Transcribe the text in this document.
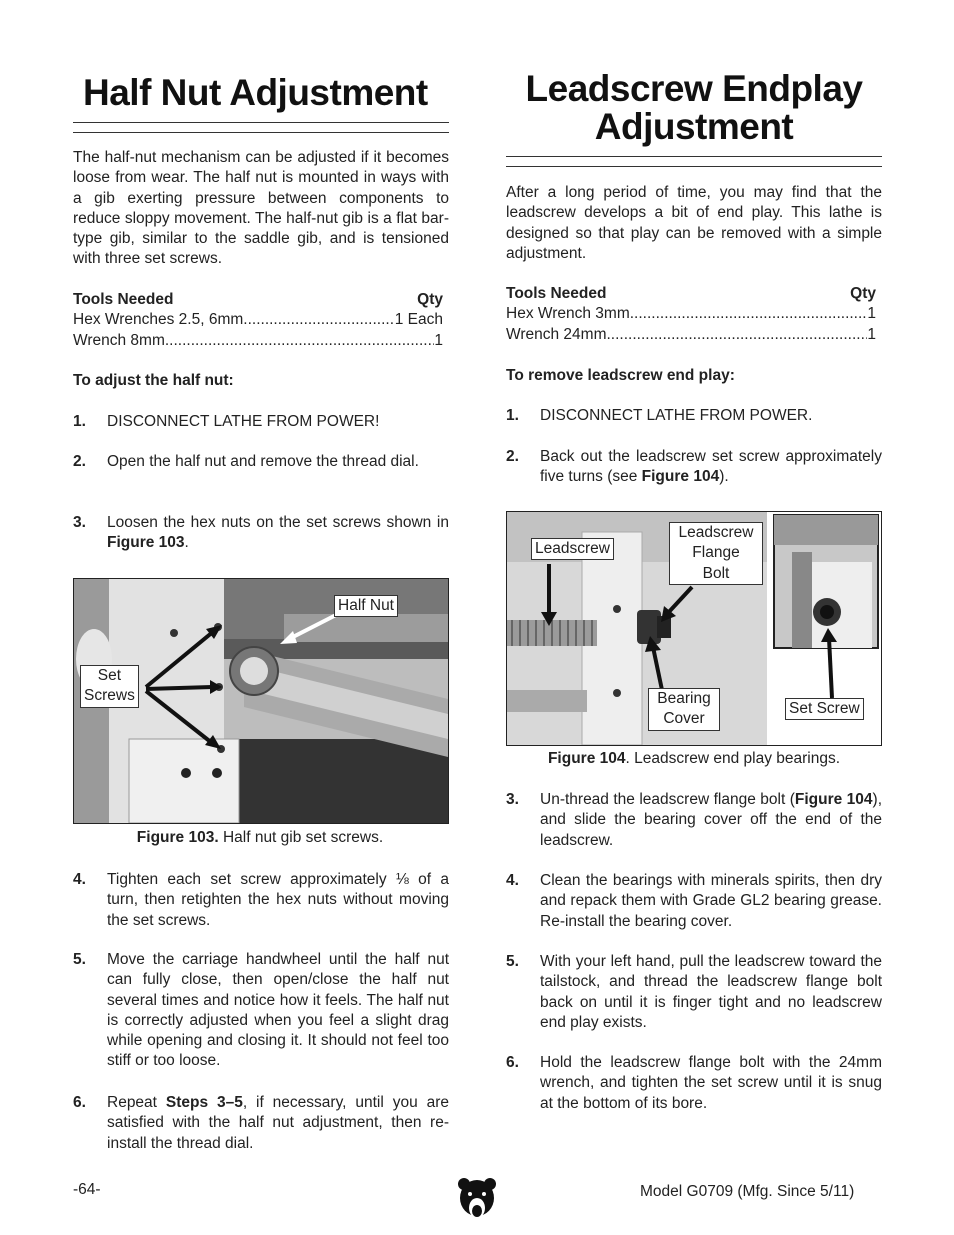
Half Nut Adjustment

The half-nut mechanism can be adjusted if it becomes loose from wear. The half nut is mounted in ways with a gib exerting pressure between components to reduce sloppy movement. The half-nut gib is a flat bar-type gib, similar to the saddle gib, and is tensioned with three set screws.

Tools Needed	Qty
Hex Wrenches 2.5, 6mm .....	1 Each
Wrench 8mm .....	1
To adjust the half nut:
1.	DISCONNECT LATHE FROM POWER!
2.	Open the half nut and remove the thread dial.
3.	Loosen the hex nuts on the set screws shown in Figure 103.
Half Nut
Set
Screws
Figure 103. Half nut gib set screws.
4.	Tighten each set screw approximately ⅛ of a turn, then retighten the hex nuts without moving the set screws.
5.	Move the carriage handwheel until the half nut can fully close, then open/close the half nut several times and notice how it feels. The half nut is correctly adjusted when you feel a slight drag while opening and closing it. It should not feel too stiff or too loose.
6.	Repeat Steps 3–5, if necessary, until you are satisfied with the half nut adjustment, then re-install the thread dial.
Leadscrew Endplay
Adjustment

After a long period of time, you may find that the leadscrew develops a bit of end play. This lathe is designed so that play can be removed with a simple adjustment.

Tools Needed	Qty
Hex Wrench 3mm .....	1
Wrench 24mm .....	1
To remove leadscrew end play:
1.	DISCONNECT LATHE FROM POWER.
2.	Back out the leadscrew set screw approximately five turns (see Figure 104).
Leadscrew
Leadscrew
Flange
Bolt
Bearing
Cover
Set Screw
Figure 104. Leadscrew end play bearings.
3.	Un-thread the leadscrew flange bolt (Figure 104), and slide the bearing cover off the end of the leadscrew.
4.	Clean the bearings with minerals spirits, then dry and repack them with Grade GL2 bearing grease. Re-install the bearing cover.
5.	With your left hand, pull the leadscrew toward the tailstock, and thread the leadscrew flange bolt back on until it is finger tight and no leadscrew end play exists.
6.	Hold the leadscrew flange bolt with the 24mm wrench, and tighten the set screw until it is snug at the bottom of its bore.
-64-	Model G0709 (Mfg. Since 5/11)
